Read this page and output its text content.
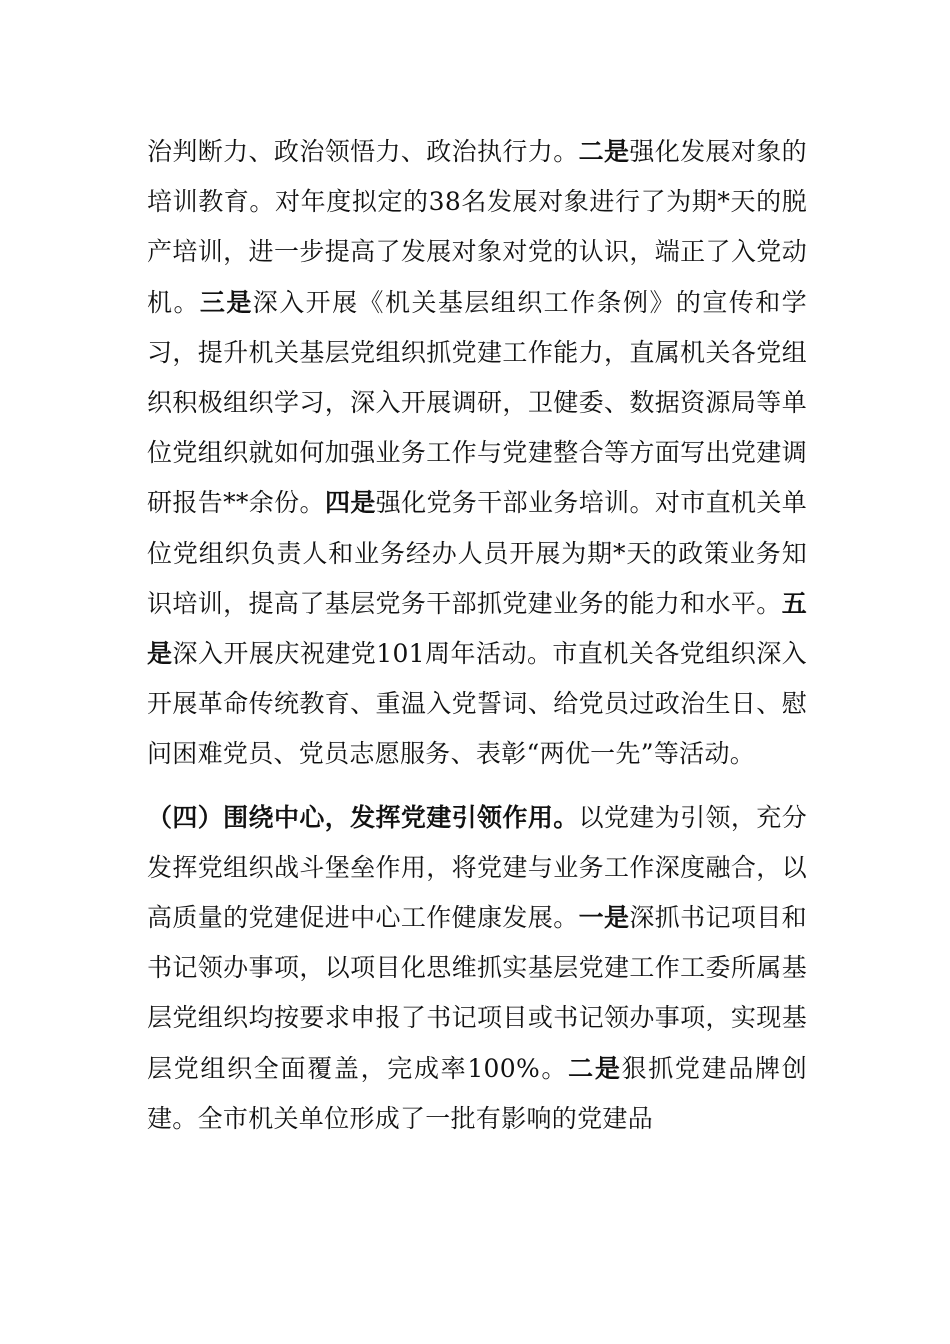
治判断力、政治领悟力、政治执行力。二是强化发展对象的培训教育。对年度拟定的38名发展对象进行了为期*天的脱产培训，进一步提高了发展对象对党的认识，端正了入党动机。三是深入开展《机关基层组织工作条例》的宣传和学习，提升机关基层党组织抓党建工作能力，直属机关各党组织积极组织学习，深入开展调研，卫健委、数据资源局等单位党组织就如何加强业务工作与党建整合等方面写出党建调研报告**余份。四是强化党务干部业务培训。对市直机关单位党组织负责人和业务经办人员开展为期*天的政策业务知识培训，提高了基层党务干部抓党建业务的能力和水平。五是深入开展庆祝建党101周年活动。市直机关各党组织深入开展革命传统教育、重温入党誓词、给党员过政治生日、慰问困难党员、党员志愿服务、表彰“两优一先”等活动。

（四）围绕中心，发挥党建引领作用。以党建为引领，充分发挥党组织战斗堡垒作用，将党建与业务工作深度融合，以高质量的党建促进中心工作健康发展。一是深抓书记项目和书记领办事项，以项目化思维抓实基层党建工作工委所属基层党组织均按要求申报了书记项目或书记领办事项，实现基层党组织全面覆盖，完成率100%。二是狠抓党建品牌创建。全市机关单位形成了一批有影响的党建品
